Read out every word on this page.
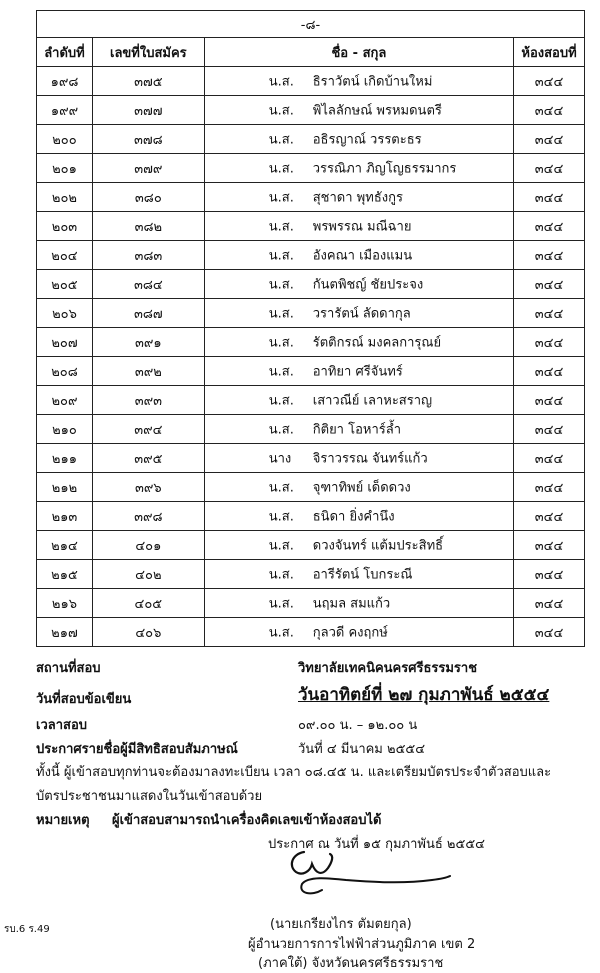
-๘-			
ลำดับที่	เลขที่ใบสมัคร	ชื่อ - สกุล	ห้องสอบที่
๑๙๘	๓๗๕	น.ส. ธิราวัตน์ เกิดบ้านใหม่	๓๔๔
๑๙๙	๓๗๗	น.ส. พิไลลักษณ์ พรหมดนตรี	๓๔๔
๒๐๐	๓๗๘	น.ส. อธิรญาณ์ วรรตะธร	๓๔๔
๒๐๑	๓๗๙	น.ส. วรรณิภา ภิญโญธรรมากร	๓๔๔
๒๐๒	๓๘๐	น.ส. สุชาดา พุทธังกูร	๓๔๔
๒๐๓	๓๘๒	น.ส. พรพรรณ มณีฉาย	๓๔๔
๒๐๔	๓๘๓	น.ส. อังคณา เมืองแมน	๓๔๔
๒๐๕	๓๘๔	น.ส. กันตพิชญ์ ชัยประจง	๓๔๔
๒๐๖	๓๘๗	น.ส. วรารัตน์ ลัดดากุล	๓๔๔
๒๐๗	๓๙๑	น.ส. รัตติกรณ์ มงคลการุณย์	๓๔๔
๒๐๘	๓๙๒	น.ส. อาทิยา ศรีจันทร์	๓๔๔
๒๐๙	๓๙๓	น.ส. เสาวณีย์ เลาหะสราญ	๓๔๔
๒๑๐	๓๙๔	น.ส. กิติยา โอหาร์ล้ำ	๓๔๔
๒๑๑	๓๙๕	นาง จิราวรรณ จันทร์แก้ว	๓๔๔
๒๑๒	๓๙๖	น.ส. จุฑาทิพย์ เด็ดดวง	๓๔๔
๒๑๓	๓๙๘	น.ส. ธนิดา ยิ่งคำนึง	๓๔๔
๒๑๔	๔๐๑	น.ส. ดวงจันทร์ แต้มประสิทธิ์	๓๔๔
๒๑๕	๔๐๒	น.ส. อารีรัตน์ โบกระณี	๓๔๔
๒๑๖	๔๐๕	น.ส. นฤมล สมแก้ว	๓๔๔
๒๑๗	๔๐๖	น.ส. กุลวดี คงฤกษ์	๓๔๔
สถานที่สอบ	วิทยาลัยเทคนิคนครศรีธรรมราช
วันที่สอบข้อเขียน	วันอาทิตย์ที่ ๒๗ กุมภาพันธ์ ๒๕๕๔
เวลาสอบ	๐๙.๐๐ น. – ๑๒.๐๐ น
ประกาศรายชื่อผู้มีสิทธิสอบสัมภาษณ์	วันที่ ๔ มีนาคม ๒๕๕๔
ทั้งนี้ ผู้เข้าสอบทุกท่านจะต้องมาลงทะเบียน เวลา ๐๘.๔๕ น. และเตรียมบัตรประจำตัวสอบและ
บัตรประชาชนมาแสดงในวันเข้าสอบด้วย
หมายเหตุ ผู้เข้าสอบสามารถนำเครื่องคิดเลขเข้าห้องสอบได้
ประกาศ ณ วันที่ ๑๕ กุมภาพันธ์ ๒๕๕๔
(นายเกรียงไกร ตัมตยกุล)
ผู้อำนวยการการไฟฟ้าส่วนภูมิภาค เขต 2
(ภาคใต้) จังหวัดนครศรีธรรมราช
รบ.6 ร.49
